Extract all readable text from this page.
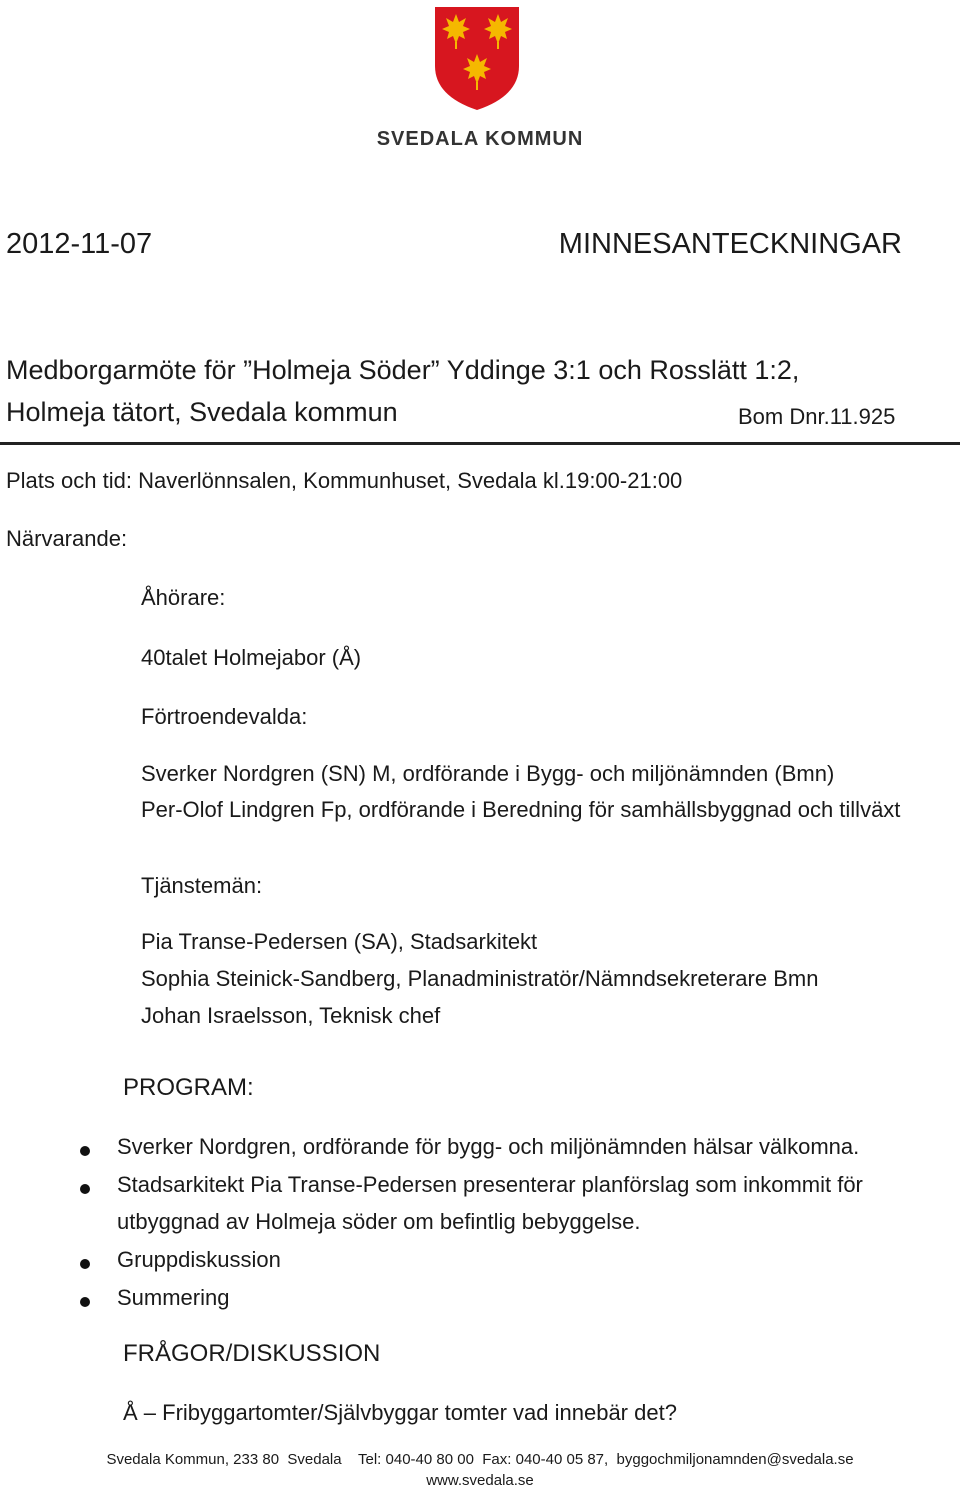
SVEDALA KOMMUN
2012-11-07	MINNESANTECKNINGAR
Medborgarmöte för ”Holmeja Söder” Yddinge 3:1 och Rosslätt 1:2,
Holmeja tätort, Svedala kommun	Bom Dnr.11.925
Plats och tid: Naverlönnsalen, Kommunhuset, Svedala kl.19:00-21:00
Närvarande:
Åhörare:
40talet Holmejabor (Å)
Förtroendevalda:
Sverker Nordgren (SN) M, ordförande i Bygg- och miljönämnden (Bmn)
Per-Olof Lindgren Fp, ordförande i Beredning för samhällsbyggnad och tillväxt
Tjänstemän:
Pia Transe-Pedersen (SA), Stadsarkitekt
Sophia Steinick-Sandberg, Planadministratör/Nämndsekreterare Bmn
Johan Israelsson, Teknisk chef
PROGRAM:
Sverker Nordgren, ordförande för bygg- och miljönämnden hälsar välkomna.
Stadsarkitekt Pia Transe-Pedersen presenterar planförslag som inkommit för
utbyggnad av Holmeja söder om befintlig bebyggelse.
Gruppdiskussion
Summering
FRÅGOR/DISKUSSION
Å – Fribyggartomter/Självbyggar tomter vad innebär det?
Svedala Kommun, 233 80  Svedala    Tel: 040-40 80 00  Fax: 040-40 05 87,  byggochmiljonamnden@svedala.se
www.svedala.se
